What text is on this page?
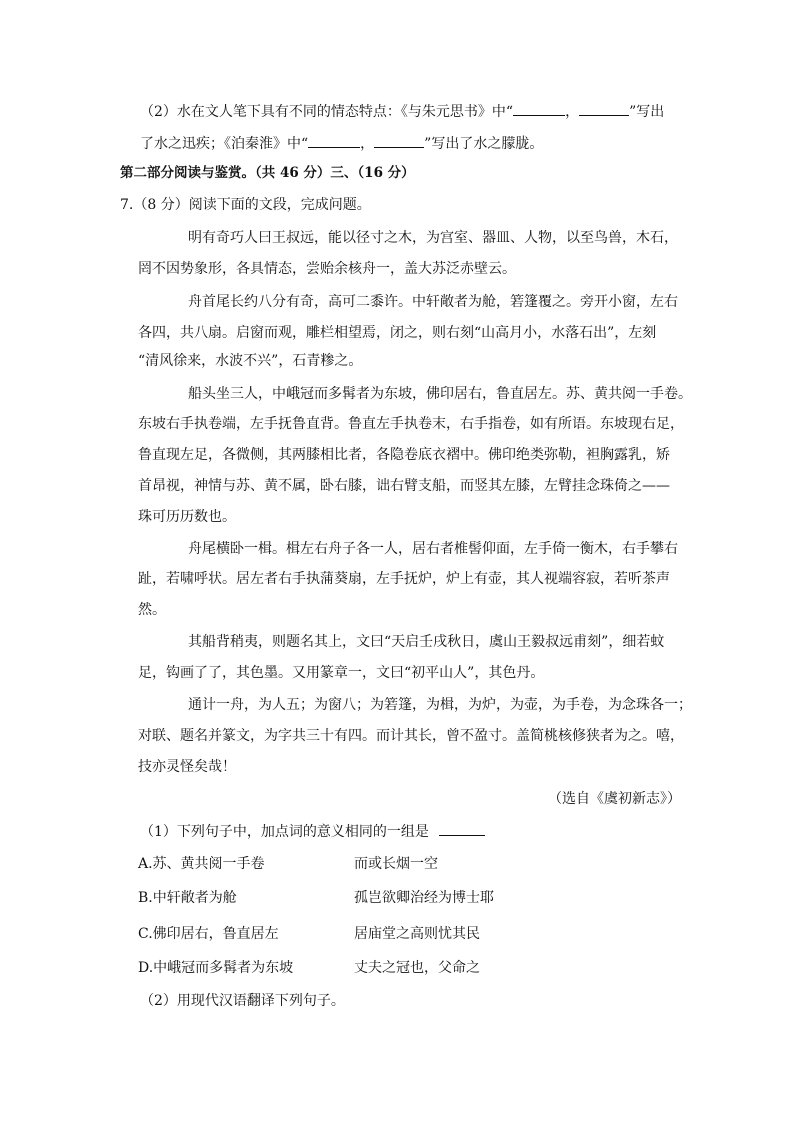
（2）水在文人笔下具有不同的情态特点：《与朱元思书》中“	，	”写出
了水之迅疾；《泊秦淮》中“	，	”写出了水之朦胧。
第二部分阅读与鉴赏。（共 46 分）三、（16 分）
7.（8 分）阅读下面的文段，完成问题。
明有奇巧人曰王叔远，能以径寸之木，为宫室、器皿、人物，以至鸟兽，木石，
罔不因势象形，各具情态，尝贻余核舟一，盖大苏泛赤壁云。
舟首尾长约八分有奇，高可二黍许。中轩敞者为舱，箬篷覆之。旁开小窗，左右
各四，共八扇。启窗而观，雕栏相望焉，闭之，则右刻“山高月小，水落石出”，左刻
“清风徐来，水波不兴”，石青糁之。
船头坐三人，中峨冠而多髯者为东坡，佛印居右，鲁直居左。苏、黄共阅一手卷。
东坡右手执卷端，左手抚鲁直背。鲁直左手执卷末，右手指卷，如有所语。东坡现右足，
鲁直现左足，各微侧，其两膝相比者，各隐卷底衣褶中。佛印绝类弥勒，袒胸露乳，矫
首昂视，神情与苏、黄不属，卧右膝，诎右臂支船，而竖其左膝，左臂挂念珠倚之——
珠可历历数也。
舟尾横卧一楫。楫左右舟子各一人，居右者椎髻仰面，左手倚一衡木，右手攀右
趾，若啸呼状。居左者右手执蒲葵扇，左手抚炉，炉上有壶，其人视端容寂，若听茶声
然。
其船背稍夷，则题名其上，文曰“天启壬戌秋日，虞山王毅叔远甫刻”，细若蚊
足，钩画了了，其色墨。又用篆章一，文曰“初平山人”，其色丹。
通计一舟，为人五；为窗八；为箬篷，为楫，为炉，为壶，为手卷，为念珠各一；
对联、题名并篆文，为字共三十有四。而计其长，曾不盈寸。盖简桃核修狭者为之。嘻，
技亦灵怪矣哉！
（选自《虞初新志》）
（1）下列句子中，加点词的意义相同的一组是
A.苏、黄共阅一手卷	而或长烟一空
B.中轩敞者为舱	孤岂欲卿治经为博士耶
C.佛印居右，鲁直居左	居庙堂之高则忧其民
D.中峨冠而多髯者为东坡	丈夫之冠也，父命之
（2）用现代汉语翻译下列句子。
